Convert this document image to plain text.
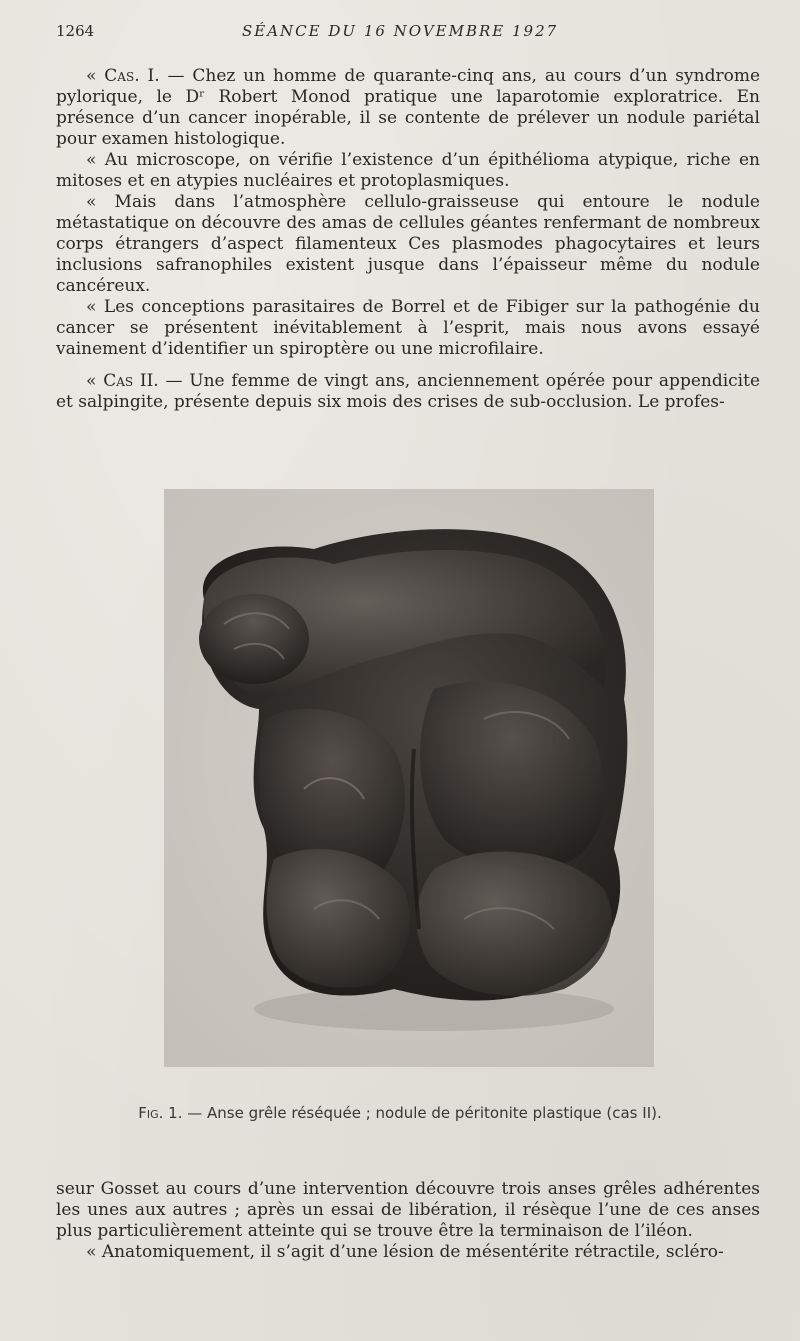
1264	SÉANCE DU 16 NOVEMBRE 1927

« Cas. I. — Chez un homme de quarante-cinq ans, au cours d’un syndrome pylorique, le Dʳ Robert Monod pratique une laparotomie exploratrice. En présence d’un cancer inopérable, il se contente de prélever un nodule pariétal pour examen histologique.

« Au microscope, on vérifie l’existence d’un épithélioma atypique, riche en mitoses et en atypies nucléaires et protoplasmiques.

« Mais dans l’atmosphère cellulo-graisseuse qui entoure le nodule métastatique on découvre des amas de cellules géantes renfermant de nombreux corps étrangers d’aspect filamenteux Ces plasmodes phagocytaires et leurs inclusions safranophiles existent jusque dans l’épaisseur même du nodule cancéreux.

« Les conceptions parasitaires de Borrel et de Fibiger sur la pathogénie du cancer se présentent inévitablement à l’esprit, mais nous avons essayé vainement d’identifier un spiroptère ou une microfilaire.

« Cas II. — Une femme de vingt ans, anciennement opérée pour appendicite et salpingite, présente depuis six mois des crises de sub-occlusion. Le profes-

Fig. 1. — Anse grêle réséquée ; nodule de péritonite plastique (cas II).

seur Gosset au cours d’une intervention découvre trois anses grêles adhérentes les unes aux autres ; après un essai de libération, il résèque l’une de ces anses plus particulièrement atteinte qui se trouve être la terminaison de l’iléon.

« Anatomiquement, il s’agit d’une lésion de mésentérite rétractile, scléro-
